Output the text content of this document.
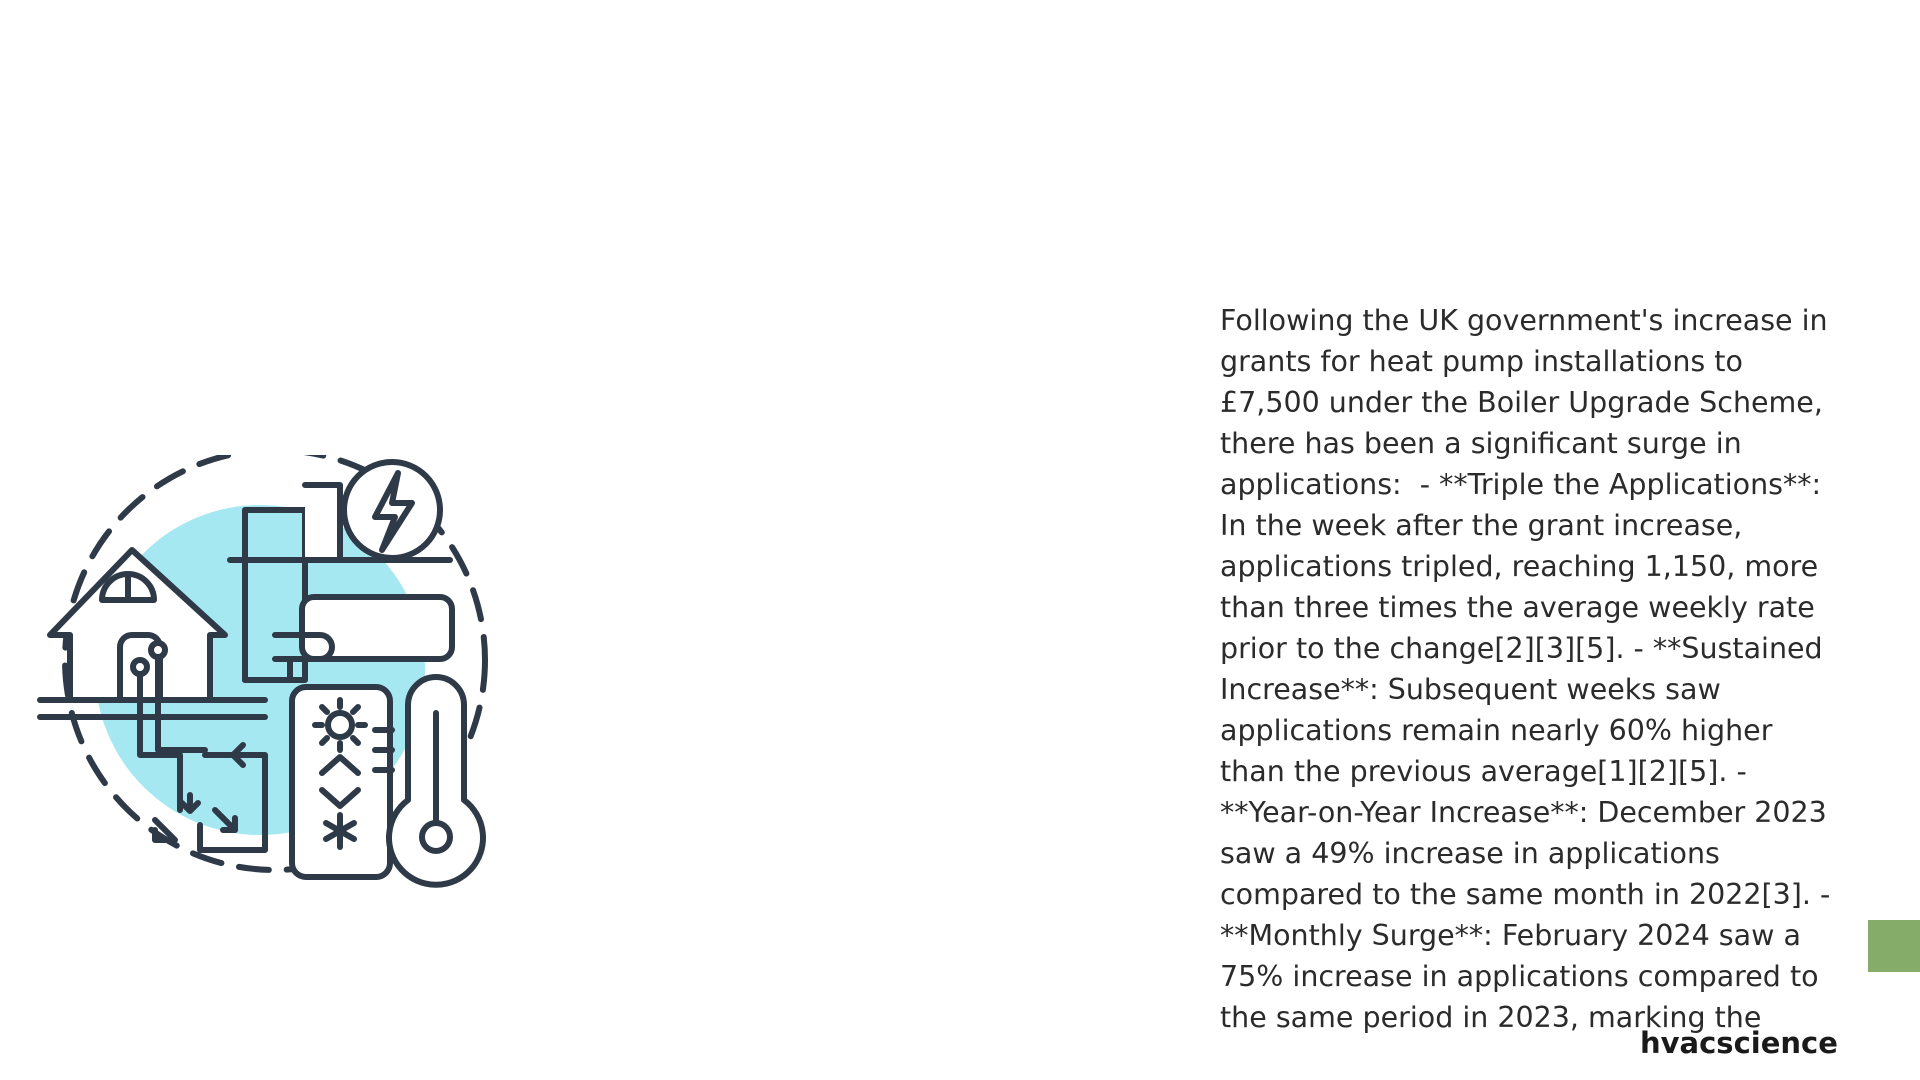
Following the UK government's increase in grants for heat pump installations to £7,500 under the Boiler Upgrade Scheme, there has been a significant surge in applications:  - **Triple the Applications**: In the week after the grant increase, applications tripled, reaching 1,150, more than three times the average weekly rate prior to the change[2][3][5]. - **Sustained Increase**: Subsequent weeks saw applications remain nearly 60% higher than the previous average[1][2][5]. - **Year-on-Year Increase**: December 2023 saw a 49% increase in applications compared to the same month in 2022[3]. - **Monthly Surge**: February 2024 saw a 75% increase in applications compared to the same period in 2023, marking the

hvacscience
